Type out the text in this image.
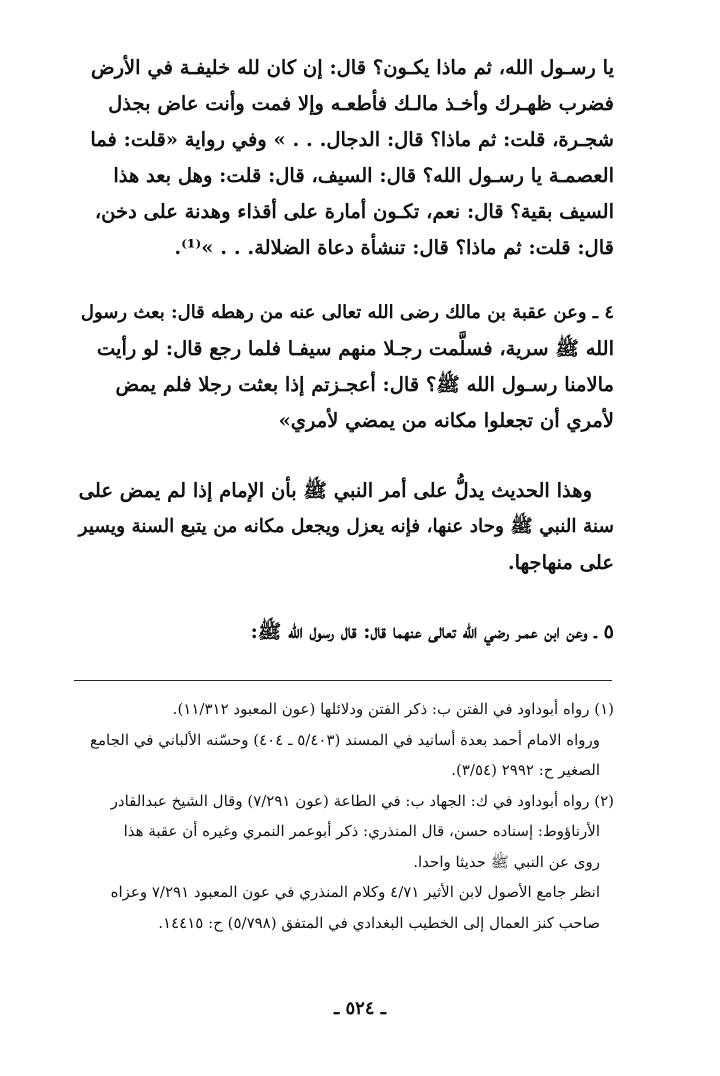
يا رسـول الله، ثم ماذا يكـون؟ قال: إن كان لله خليفـة في الأرض
فضرب ظهـرك وأخـذ مالـك فأطعـه وإلا فمت وأنت عاض بجذل
شجـرة، قلت: ثم ماذا؟ قال: الدجال. . . » وفي رواية «قلت: فما
العصمـة يا رسـول الله؟ قال: السيف، قال: قلت: وهل بعد هذا
السيف بقية؟ قال: نعم، تكـون أمارة على أقذاء وهدنة على دخن،
قال: قلت: ثم ماذا؟ قال: تنشأة دعاة الضلالة. . . »⁽¹⁾.
٤ ـ وعن عقبة بن مالك رضى الله تعالى عنه من رهطه قال: بعث رسول
الله ﷺ سرية، فسلَّمت رجـلا منهم سيفـا فلما رجع قال: لو رأيت
مالامنا رسـول الله ﷺ؟ قال: أعجـزتم إذا بعثت رجلا فلم يمض
لأمري أن تجعلوا مكانه من يمضي لأمري»
وهذا الحديث يدلُّ على أمر النبي ﷺ بأن الإمام إذا لم يمض على
سنة النبي ﷺ وحاد عنها، فإنه يعزل ويجعل مكانه من يتبع السنة ويسير
على منهاجها.
٥ ـ وعن ابن عمـر رضي الله تعالى عنهما قال: قال رسول الله ﷺ:
(١) رواه أبوداود في الفتن ب: ذكر الفتن ودلائلها (عون المعبود ١١/٣١٢).
ورواه الامام أحمد بعدة أسانيد في المسند (٥/٤٠٣ ـ ٤٠٤) وحسّنه الألباني في الجامع
الصغير ح: ٢٩٩٢ (٣/٥٤).
(٢) رواه أبوداود في ك: الجهاد ب: في الطاعة (عون ٧/٢٩١) وقال الشيخ عبدالقادر
الأرناؤوط: إسناده حسن، قال المنذري: ذكر أبوعمر النمري وغيره أن عقبة هذا
روى عن النبي ﷺ حديثا واحدا.
انظر جامع الأصول لابن الأثير ٤/٧١ وكلام المنذري في عون المعبود ٧/٢٩١ وعزاه
صاحب كنز العمال إلى الخطيب البغدادي في المتفق (٥/٧٩٨) ح: ١٤٤١٥.
ـ ٥٢٤ ـ
